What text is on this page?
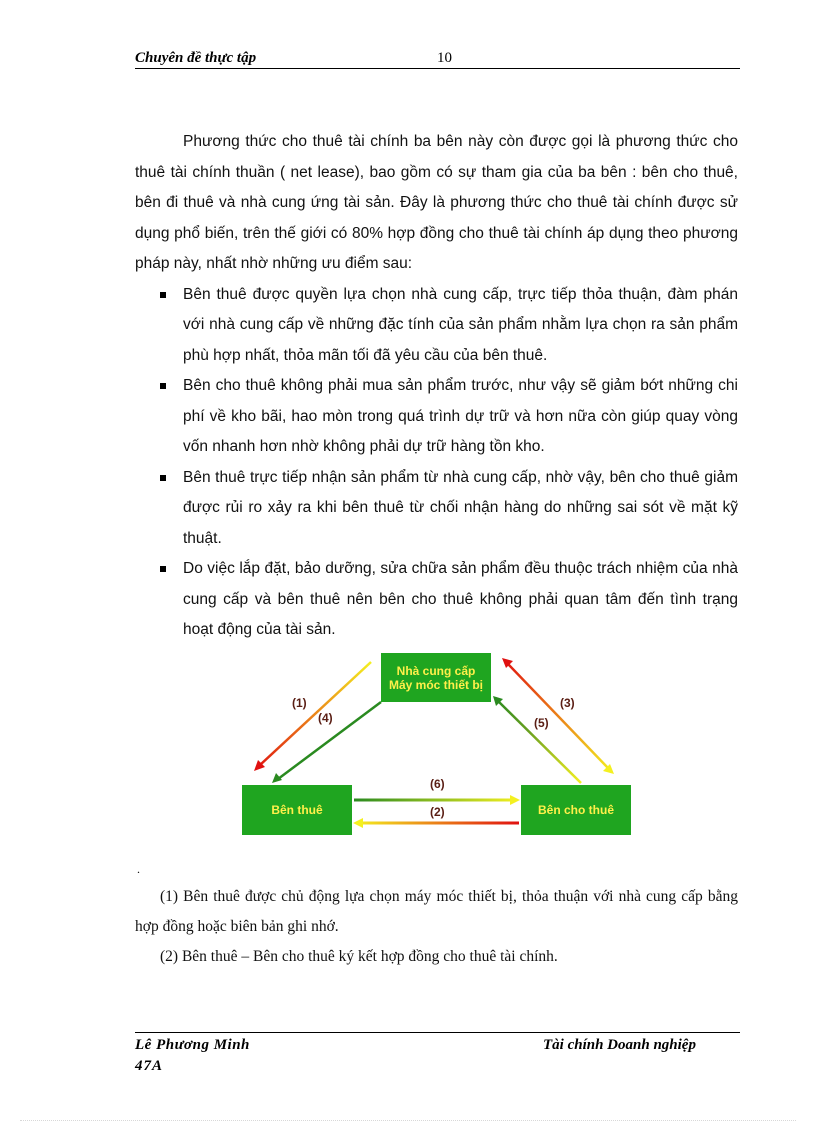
Chuyên đề thực tập	10

Phương thức cho thuê tài chính ba bên này còn được gọi là phương thức cho thuê tài chính thuần ( net lease), bao gồm có sự tham gia của ba bên : bên cho thuê, bên đi thuê và nhà cung ứng tài sản. Đây là phương thức cho thuê tài chính được sử dụng phổ biến, trên thế giới có 80% hợp đồng cho thuê tài chính áp dụng theo phương pháp này, nhất nhờ những ưu điểm sau:

Bên thuê được quyền lựa chọn nhà cung cấp, trực tiếp thỏa thuận, đàm phán với nhà cung cấp về những đặc tính của sản phẩm nhằm lựa chọn ra sản phẩm phù hợp nhất, thỏa mãn tối đã yêu cầu của bên thuê.
Bên cho thuê không phải mua sản phẩm trước, như vậy sẽ giảm bớt những chi phí về kho bãi, hao mòn trong quá trình dự trữ và hơn nữa còn giúp quay vòng vốn nhanh hơn nhờ không phải dự trữ hàng tồn kho.
Bên thuê trực tiếp nhận sản phẩm từ nhà cung cấp, nhờ vậy, bên cho thuê giảm được rủi ro xảy ra khi bên thuê từ chối nhận hàng do những sai sót về mặt kỹ thuật.
Do việc lắp đặt, bảo dưỡng, sửa chữa sản phẩm đều thuộc trách nhiệm của nhà cung cấp và bên thuê nên bên cho thuê không phải quan tâm đến tình trạng hoạt động của tài sản.
Nhà cung cấp
Máy móc thiết bị
Bên thuê	Bên cho thuê
(1)
(4)
(3)
(5)
(6)
(2)
.

(1) Bên thuê được chủ động lựa chọn máy móc thiết bị, thỏa thuận với nhà cung cấp bằng hợp đồng hoặc biên bản ghi nhớ.

(2) Bên thuê – Bên cho thuê ký kết hợp đồng cho thuê tài chính.

Lê Phương Minh
47A
Tài chính Doanh nghiệp
